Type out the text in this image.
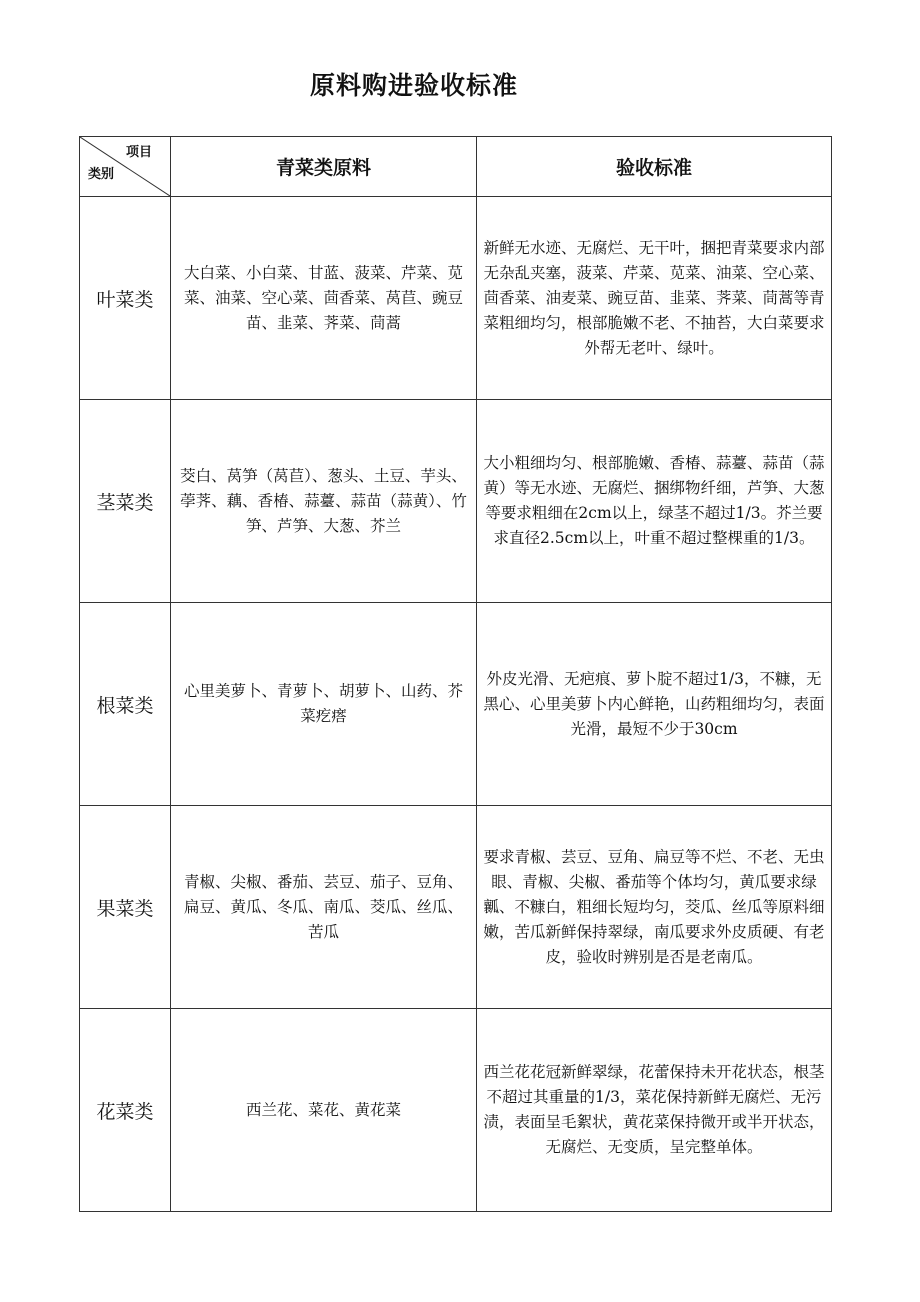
原料购进验收标准
项目
类别	青菜类原料	验收标准
叶菜类	大白菜、小白菜、甘蓝、菠菜、芹菜、苋菜、油菜、空心菜、茴香菜、莴苣、豌豆苗、韭菜、荠菜、茼蒿	新鲜无水迹、无腐烂、无干叶，捆把青菜要求内部无杂乱夹塞，菠菜、芹菜、苋菜、油菜、空心菜、茴香菜、油麦菜、豌豆苗、韭菜、荠菜、茼蒿等青菜粗细均匀，根部脆嫩不老、不抽苔，大白菜要求外帮无老叶、绿叶。
茎菜类	茭白、莴笋（莴苣）、葱头、土豆、芋头、荸荠、藕、香椿、蒜薹、蒜苗（蒜黄）、竹笋、芦笋、大葱、芥兰	大小粗细均匀、根部脆嫩、香椿、蒜薹、蒜苗（蒜黄）等无水迹、无腐烂、捆绑物纤细，芦笋、大葱等要求粗细在2cm以上，绿茎不超过1/3。芥兰要求直径2.5cm以上，叶重不超过整棵重的1/3。
根菜类	心里美萝卜、青萝卜、胡萝卜、山药、芥菜疙瘩	外皮光滑、无疤痕、萝卜腚不超过1/3，不糠，无黑心、心里美萝卜内心鲜艳，山药粗细均匀，表面光滑，最短不少于30cm
果菜类	青椒、尖椒、番茄、芸豆、茄子、豆角、扁豆、黄瓜、冬瓜、南瓜、茭瓜、丝瓜、苦瓜	要求青椒、芸豆、豆角、扁豆等不烂、不老、无虫眼、青椒、尖椒、番茄等个体均匀，黄瓜要求绿瓤、不糠白，粗细长短均匀，茭瓜、丝瓜等原料细嫩，苦瓜新鲜保持翠绿，南瓜要求外皮质硬、有老皮，验收时辨别是否是老南瓜。
花菜类	西兰花、菜花、黄花菜	西兰花花冠新鲜翠绿，花蕾保持未开花状态，根茎不超过其重量的1/3，菜花保持新鲜无腐烂、无污渍，表面呈毛絮状，黄花菜保持微开或半开状态，无腐烂、无变质，呈完整单体。
